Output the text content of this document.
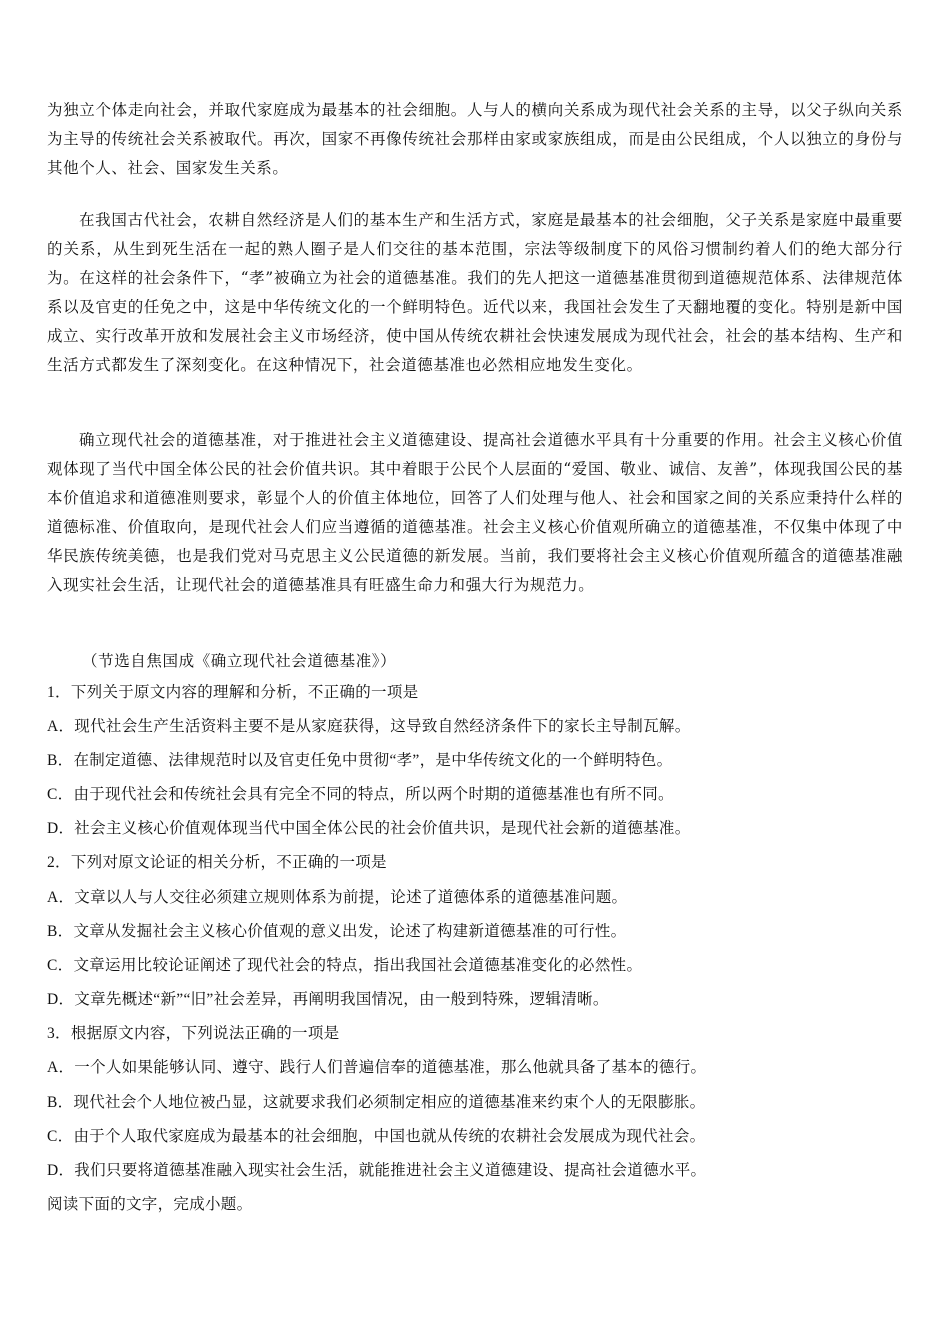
为独立个体走向社会，并取代家庭成为最基本的社会细胞。人与人的横向关系成为现代社会关系的主导，以父子纵向关系为主导的传统社会关系被取代。再次，国家不再像传统社会那样由家或家族组成，而是由公民组成，个人以独立的身份与其他个人、社会、国家发生关系。

在我国古代社会，农耕自然经济是人们的基本生产和生活方式，家庭是最基本的社会细胞，父子关系是家庭中最重要的关系，从生到死生活在一起的熟人圈子是人们交往的基本范围，宗法等级制度下的风俗习惯制约着人们的绝大部分行为。在这样的社会条件下，“孝”被确立为社会的道德基准。我们的先人把这一道德基准贯彻到道德规范体系、法律规范体系以及官吏的任免之中，这是中华传统文化的一个鲜明特色。近代以来，我国社会发生了天翻地覆的变化。特别是新中国成立、实行改革开放和发展社会主义市场经济，使中国从传统农耕社会快速发展成为现代社会，社会的基本结构、生产和生活方式都发生了深刻变化。在这种情况下，社会道德基准也必然相应地发生变化。

确立现代社会的道德基准，对于推进社会主义道德建设、提高社会道德水平具有十分重要的作用。社会主义核心价值观体现了当代中国全体公民的社会价值共识。其中着眼于公民个人层面的“爱国、敬业、诚信、友善”，体现我国公民的基本价值追求和道德准则要求，彰显个人的价值主体地位，回答了人们处理与他人、社会和国家之间的关系应秉持什么样的道德标准、价值取向，是现代社会人们应当遵循的道德基准。社会主义核心价值观所确立的道德基准，不仅集中体现了中华民族传统美德，也是我们党对马克思主义公民道德的新发展。当前，我们要将社会主义核心价值观所蕴含的道德基准融入现实社会生活，让现代社会的道德基准具有旺盛生命力和强大行为规范力。

（节选自焦国成《确立现代社会道德基准》）
1．下列关于原文内容的理解和分析，不正确的一项是
A．现代社会生产生活资料主要不是从家庭获得，这导致自然经济条件下的家长主导制瓦解。
B．在制定道德、法律规范时以及官吏任免中贯彻“孝”，是中华传统文化的一个鲜明特色。
C．由于现代社会和传统社会具有完全不同的特点，所以两个时期的道德基准也有所不同。
D．社会主义核心价值观体现当代中国全体公民的社会价值共识，是现代社会新的道德基准。
2．下列对原文论证的相关分析，不正确的一项是
A．文章以人与人交往必须建立规则体系为前提，论述了道德体系的道德基准问题。
B．文章从发掘社会主义核心价值观的意义出发，论述了构建新道德基准的可行性。
C．文章运用比较论证阐述了现代社会的特点，指出我国社会道德基准变化的必然性。
D．文章先概述“新”“旧”社会差异，再阐明我国情况，由一般到特殊，逻辑清晰。
3．根据原文内容，下列说法正确的一项是
A．一个人如果能够认同、遵守、践行人们普遍信奉的道德基准，那么他就具备了基本的德行。
B．现代社会个人地位被凸显，这就要求我们必须制定相应的道德基准来约束个人的无限膨胀。
C．由于个人取代家庭成为最基本的社会细胞，中国也就从传统的农耕社会发展成为现代社会。
D．我们只要将道德基准融入现实社会生活，就能推进社会主义道德建设、提高社会道德水平。
阅读下面的文字，完成小题。
